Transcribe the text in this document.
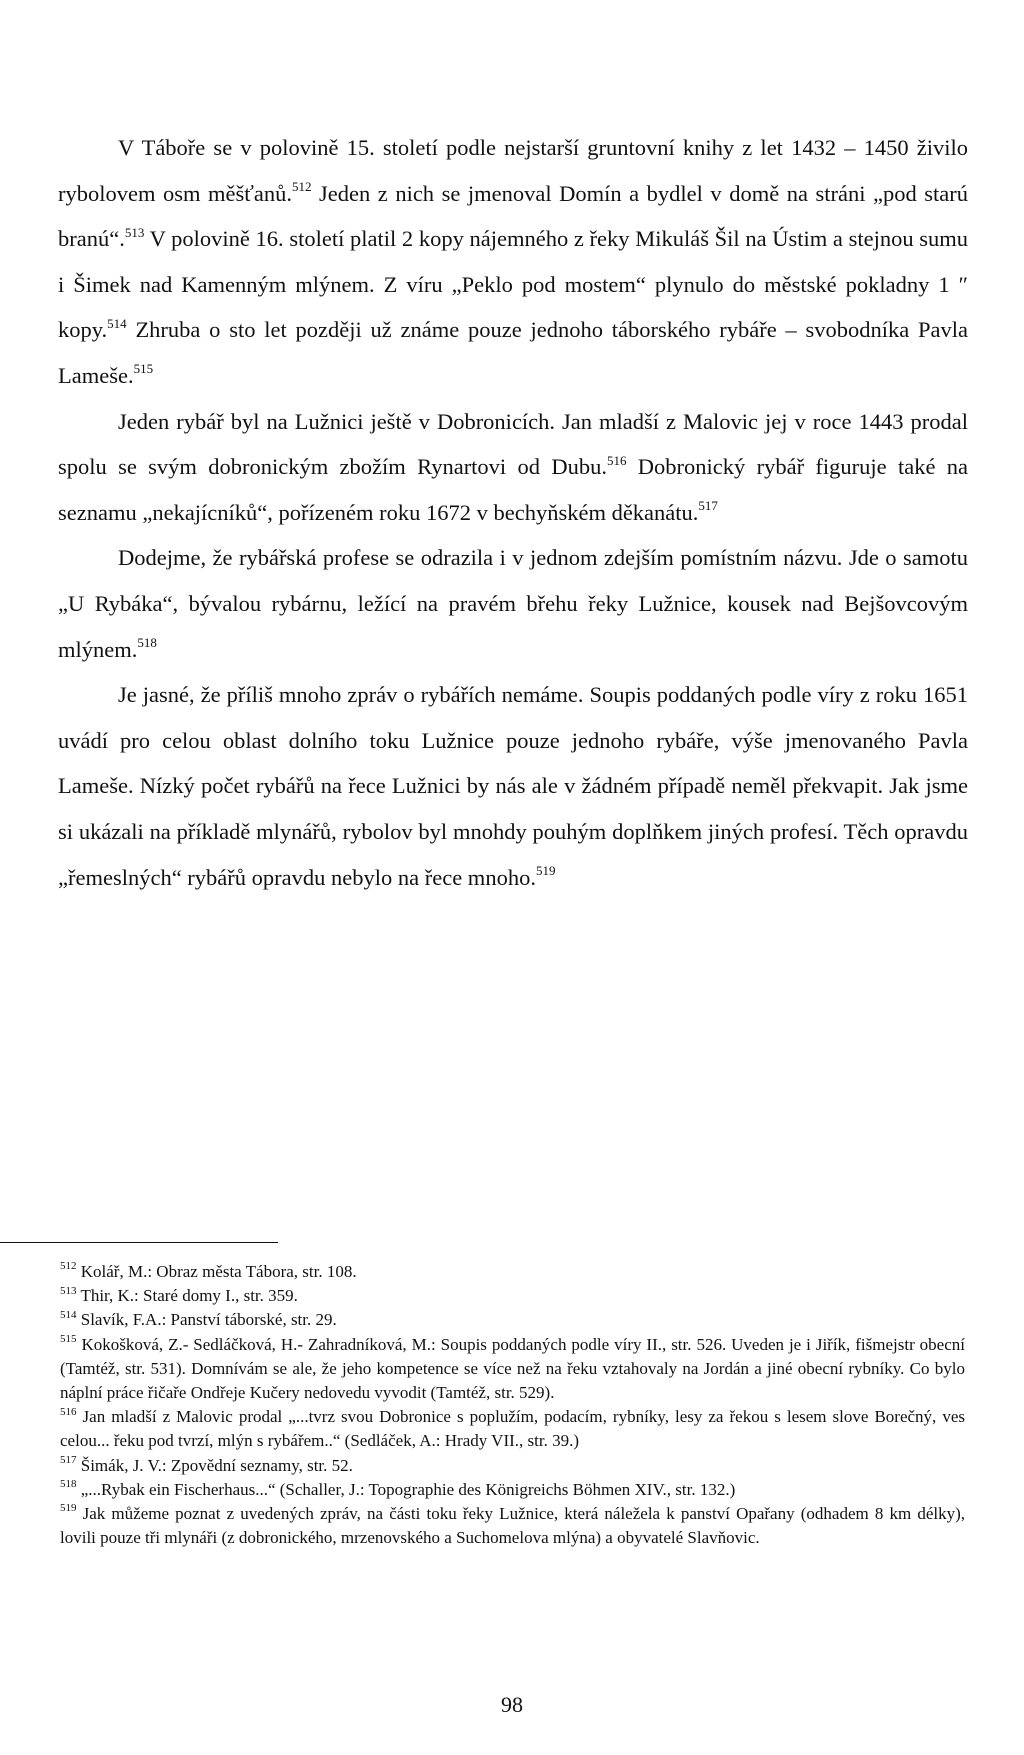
V Táboře se v polovině 15. století podle nejstarší gruntovní knihy z let 1432 – 1450 živilo rybolovem osm měšťanů.$^{512}$ Jeden z nich se jmenoval Domín a bydlel v domě na stráni „pod starú branú“.$^{513}$ V polovině 16. století platil 2 kopy nájemného z řeky Mikuláš Šil na Ústim a stejnou sumu i Šimek nad Kamenným mlýnem. Z víru „Peklo pod mostem“ plynulo do městské pokladny 1 ″ kopy.$^{514}$ Zhruba o sto let později už známe pouze jednoho táborského rybáře – svobodníka Pavla Lameše.$^{515}$

Jeden rybář byl na Lužnici ještě v Dobronicích. Jan mladší z Malovic jej v roce 1443 prodal spolu se svým dobronickým zbožím Rynartovi od Dubu.$^{516}$ Dobronický rybář figuruje také na seznamu „nekajícníků“, pořízeném roku 1672 v bechyňském děkanátu.$^{517}$

Dodejme, že rybářská profese se odrazila i v jednom zdejším pomístním názvu. Jde o samotu „U Rybáka“, bývalou rybárnu, ležící na pravém břehu řeky Lužnice, kousek nad Bejšovcovým mlýnem.$^{518}$

Je jasné, že příliš mnoho zpráv o rybářích nemáme. Soupis poddaných podle víry z roku 1651 uvádí pro celou oblast dolního toku Lužnice pouze jednoho rybáře, výše jmenovaného Pavla Lameše. Nízký počet rybářů na řece Lužnici by nás ale v žádném případě neměl překvapit. Jak jsme si ukázali na příkladě mlynářů, rybolov byl mnohdy pouhým doplňkem jiných profesí. Těch opravdu „řemeslných“ rybářů opravdu nebylo na řece mnoho.$^{519}$

$^{512}$ Kolář, M.: Obraz města Tábora, str. 108.

$^{513}$ Thir, K.: Staré domy I., str. 359.

$^{514}$ Slavík, F.A.: Panství táborské, str. 29.

$^{515}$ Kokošková, Z.- Sedláčková, H.- Zahradníková, M.: Soupis poddaných podle víry II., str. 526. Uveden je i Jiřík, fišmejstr obecní (Tamtéž, str. 531). Domnívám se ale, že jeho kompetence se více než na řeku vztahovaly na Jordán a jiné obecní rybníky. Co bylo náplní práce řičaře Ondřeje Kučery nedovedu vyvodit (Tamtéž, str. 529).

$^{516}$ Jan mladší z Malovic prodal „...tvrz svou Dobronice s poplužím, podacím, rybníky, lesy za řekou s lesem slove Borečný, ves celou... řeku pod tvrzí, mlýn s rybářem..“ (Sedláček, A.: Hrady VII., str. 39.)

$^{517}$ Šimák, J. V.: Zpovědní seznamy, str. 52.

$^{518}$ „...Rybak ein Fischerhaus...“ (Schaller, J.: Topographie des Königreichs Böhmen XIV., str. 132.)

$^{519}$ Jak můžeme poznat z uvedených zpráv, na části toku řeky Lužnice, která náležela k panství Opařany (odhadem 8 km délky), lovili pouze tři mlynáři (z dobronického, mrzenovského a Suchomelova mlýna) a obyvatelé Slavňovic.

98
